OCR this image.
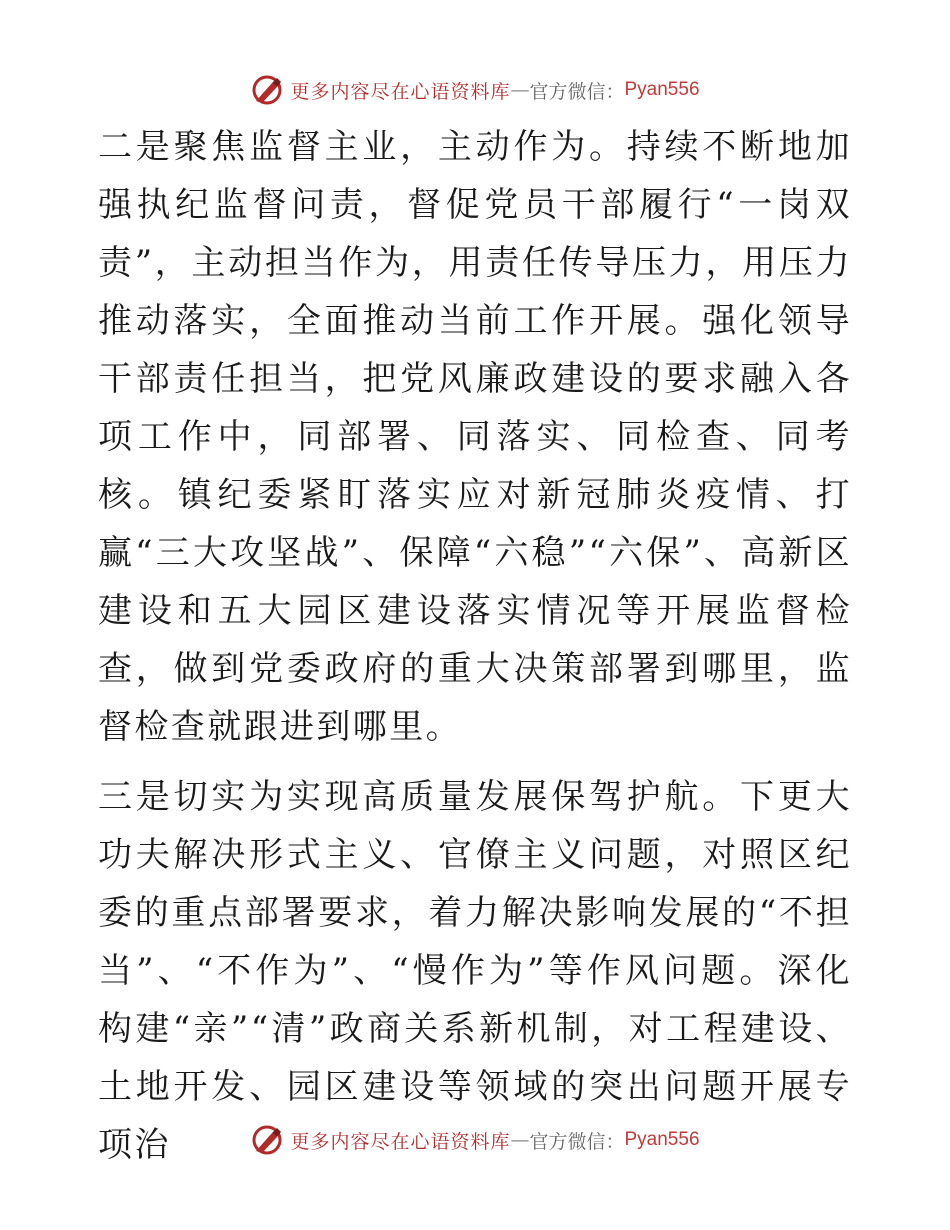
更多内容尽在心语资料库 — 官方微信： Pyan556

二是聚焦监督主业，主动作为。持续不断地加强执纪监督问责，督促党员干部履行“一岗双责”，主动担当作为，用责任传导压力，用压力推动落实，全面推动当前工作开展。强化领导干部责任担当，把党风廉政建设的要求融入各项工作中，同部署、同落实、同检查、同考核。镇纪委紧盯落实应对新冠肺炎疫情、打赢“三大攻坚战”、保障“六稳”“六保”、高新区建设和五大园区建设落实情况等开展监督检查，做到党委政府的重大决策部署到哪里，监督检查就跟进到哪里。

三是切实为实现高质量发展保驾护航。下更大功夫解决形式主义、官僚主义问题，对照区纪委的重点部署要求，着力解决影响发展的“不担当”、“不作为”、“慢作为”等作风问题。深化构建“亲”“清”政商关系新机制，对工程建设、土地开发、园区建设等领域的突出问题开展专项治	更多内容尽在心语资料库 — 官方微信： Pyan556
